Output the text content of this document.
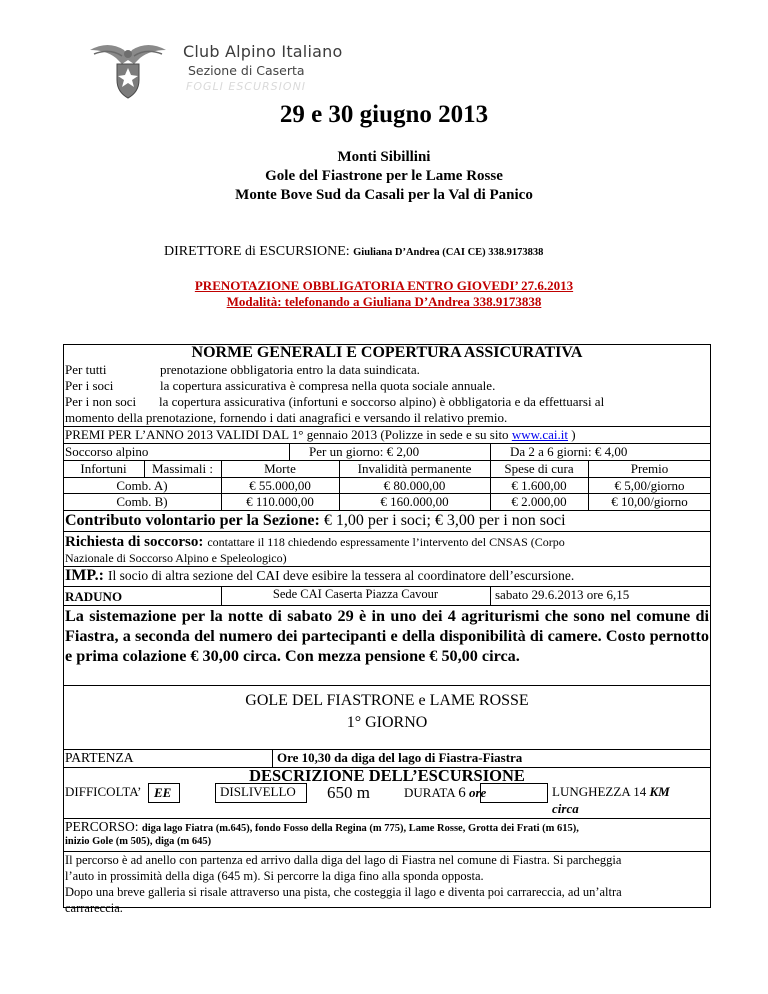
Club Alpino Italiano
Sezione di Caserta
FOGLI ESCURSIONI
29 e 30 giugno 2013
Monti Sibillini
Gole del Fiastrone per le Lame Rosse
Monte Bove Sud da Casali per la Val di Panico
DIRETTORE di ESCURSIONE: Giuliana D’Andrea (CAI CE) 338.9173838
PRENOTAZIONE OBBLIGATORIA ENTRO GIOVEDI’ 27.6.2013
Modalità: telefonando a Giuliana D’Andrea 338.9173838
NORME GENERALI E COPERTURA ASSICURATIVA
Per tutti	prenotazione obbligatoria entro la data suindicata.
Per i soci	la copertura assicurativa è compresa nella quota sociale annuale.
Per i non soci la copertura assicurativa (infortuni e soccorso alpino) è obbligatoria e da effettuarsi al
momento della prenotazione, fornendo i dati anagrafici e versando il relativo premio.
PREMI PER L’ANNO 2013 VALIDI DAL 1° gennaio 2013 (Polizze in sede e su sito www.cai.it )
Soccorso alpino	Per un giorno: € 2,00	Da 2 a 6 giorni: € 4,00
Infortuni	Massimali :	Morte	Invalidità permanente	Spese di cura	Premio
Comb. A)	€ 55.000,00	€ 80.000,00	€ 1.600,00	€ 5,00/giorno
Comb. B)	€ 110.000,00	€ 160.000,00	€ 2.000,00	€ 10,00/giorno
Contributo volontario per la Sezione: € 1,00 per i soci; € 3,00 per i non soci
Richiesta di soccorso: contattare il 118 chiedendo espressamente l’intervento del CNSAS (Corpo
Nazionale di Soccorso Alpino e Speleologico)
IMP.: Il socio di altra sezione del CAI deve esibire la tessera al coordinatore dell’escursione.
RADUNO	Sede CAI Caserta Piazza Cavour	sabato 29.6.2013 ore 6,15
La sistemazione per la notte di sabato 29 è in uno dei 4 agriturismi che sono nel comune di Fiastra, a seconda del numero dei partecipanti e della disponibilità di camere. Costo pernotto e prima colazione € 30,00 circa. Con mezza pensione € 50,00 circa.
GOLE DEL FIASTRONE e LAME ROSSE
1° GIORNO
PARTENZA	Ore 10,30 da diga del lago di Fiastra-Fiastra
DESCRIZIONE DELL’ESCURSIONE
DIFFICOLTA’ EE	DISLIVELLO 650 m	DURATA 6 ore	LUNGHEZZA 14 KM
circa
PERCORSO: diga lago Fiatra (m.645), fondo Fosso della Regina (m 775), Lame Rosse, Grotta dei Frati (m 615),
inizio Gole (m 505), diga (m 645)
Il percorso è ad anello con partenza ed arrivo dalla diga del lago di Fiastra nel comune di Fiastra. Si parcheggia
l’auto in prossimità della diga (645 m). Si percorre la diga fino alla sponda opposta.
Dopo una breve galleria si risale attraverso una pista, che costeggia il lago e diventa poi carrareccia, ad un’altra
carrareccia.
